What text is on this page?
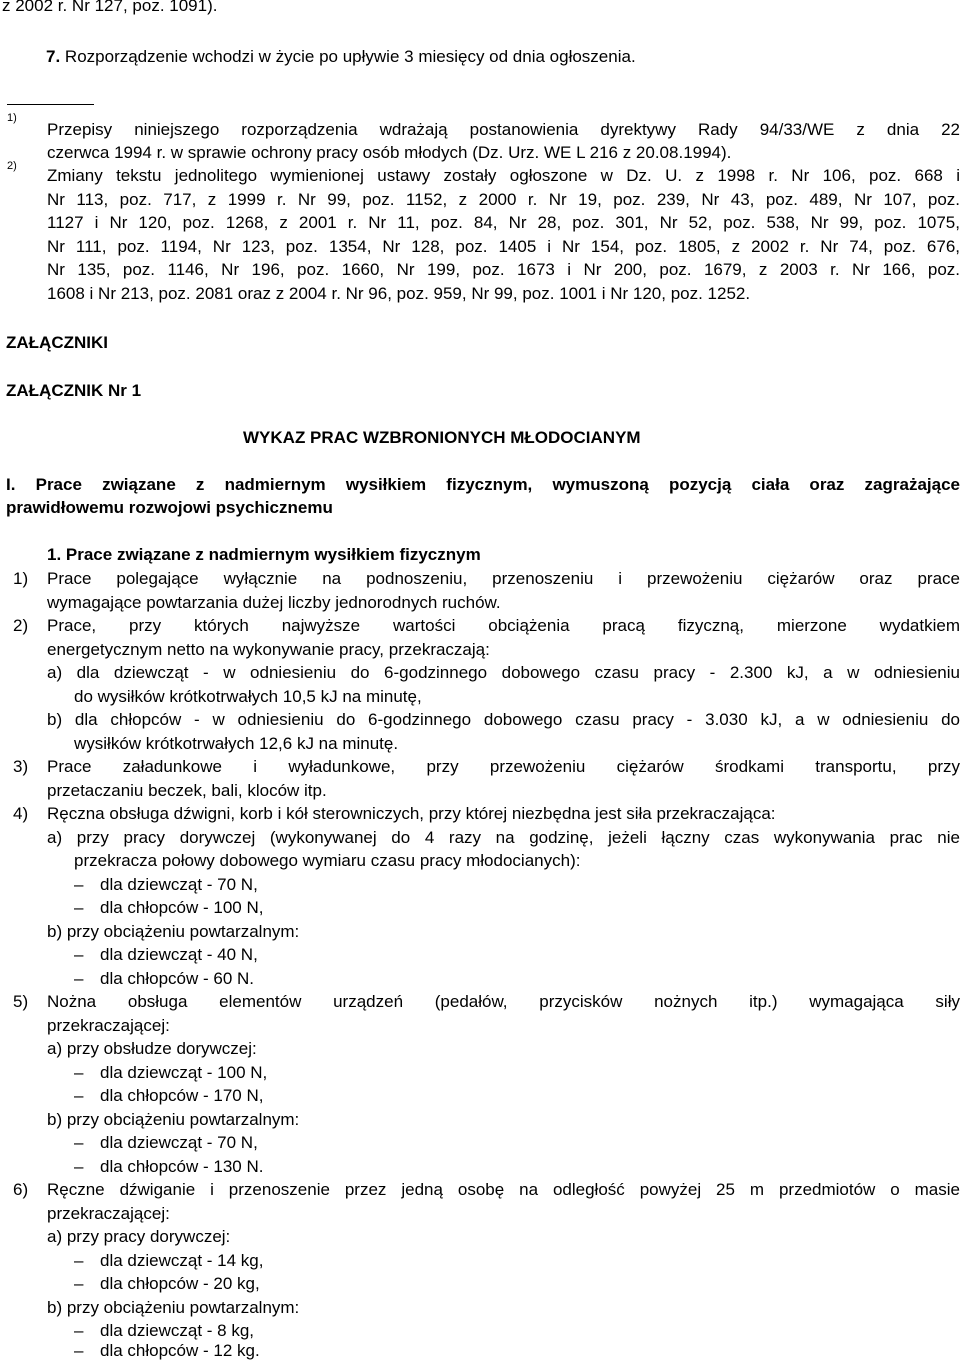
z 2002 r. Nr 127, poz. 1091).
7. Rozporządzenie wchodzi w życie po upływie 3 miesięcy od dnia ogłoszenia.
1)
Przepisy niniejszego rozporządzenia wdrażają postanowienia dyrektywy Rady 94/33/WE z dnia 22
czerwca 1994 r. w sprawie ochrony pracy osób młodych (Dz. Urz. WE L 216 z 20.08.1994).
2) Zmiany tekstu jednolitego wymienionej ustawy zostały ogłoszone w Dz. U. z 1998 r. Nr 106, poz. 668 i
Nr 113, poz. 717, z 1999 r. Nr 99, poz. 1152, z 2000 r. Nr 19, poz. 239, Nr 43, poz. 489, Nr 107, poz.
1127 i Nr 120, poz. 1268, z 2001 r. Nr 11, poz. 84, Nr 28, poz. 301, Nr 52, poz. 538, Nr 99, poz. 1075,
Nr 111, poz. 1194, Nr 123, poz. 1354, Nr 128, poz. 1405 i Nr 154, poz. 1805, z 2002 r. Nr 74, poz. 676,
Nr 135, poz. 1146, Nr 196, poz. 1660, Nr 199, poz. 1673 i Nr 200, poz. 1679, z 2003 r. Nr 166, poz.
1608 i Nr 213, poz. 2081 oraz z 2004 r. Nr 96, poz. 959, Nr 99, poz. 1001 i Nr 120, poz. 1252.
ZAŁĄCZNIKI
ZAŁĄCZNIK Nr 1
WYKAZ PRAC WZBRONIONYCH MŁODOCIANYM
I. Prace związane z nadmiernym wysiłkiem fizycznym, wymuszoną pozycją ciała oraz zagrażające
prawidłowemu rozwojowi psychicznemu
1. Prace związane z nadmiernym wysiłkiem fizycznym
1) Prace polegające wyłącznie na podnoszeniu, przenoszeniu i przewożeniu ciężarów oraz prace
wymagające powtarzania dużej liczby jednorodnych ruchów.
2) Prace, przy których najwyższe wartości obciążenia pracą fizyczną, mierzone wydatkiem
energetycznym netto na wykonywanie pracy, przekraczają:
a) dla dziewcząt - w odniesieniu do 6-godzinnego dobowego czasu pracy - 2.300 kJ, a w odniesieniu
do wysiłków krótkotrwałych 10,5 kJ na minutę,
b) dla chłopców - w odniesieniu do 6-godzinnego dobowego czasu pracy - 3.030 kJ, a w odniesieniu do
wysiłków krótkotrwałych 12,6 kJ na minutę.
3) Prace załadunkowe i wyładunkowe, przy przewożeniu ciężarów środkami transportu, przy
przetaczaniu beczek, bali, kloców itp.
4) Ręczna obsługa dźwigni, korb i kół sterowniczych, przy której niezbędna jest siła przekraczająca:
a) przy pracy dorywczej (wykonywanej do 4 razy na godzinę, jeżeli łączny czas wykonywania prac nie
przekracza połowy dobowego wymiaru czasu pracy młodocianych):
– dla dziewcząt - 70 N,
– dla chłopców - 100 N,
b) przy obciążeniu powtarzalnym:
– dla dziewcząt - 40 N,
– dla chłopców - 60 N.
5) Nożna obsługa elementów urządzeń (pedałów, przycisków nożnych itp.) wymagająca siły
przekraczającej:
a) przy obsłudze dorywczej:
– dla dziewcząt - 100 N,
– dla chłopców - 170 N,
b) przy obciążeniu powtarzalnym:
– dla dziewcząt - 70 N,
– dla chłopców - 130 N.
6) Ręczne dźwiganie i przenoszenie przez jedną osobę na odległość powyżej 25 m przedmiotów o masie
przekraczającej:
a) przy pracy dorywczej:
– dla dziewcząt - 14 kg,
– dla chłopców - 20 kg,
b) przy obciążeniu powtarzalnym:
– dla dziewcząt - 8 kg,
– dla chłopców - 12 kg.
